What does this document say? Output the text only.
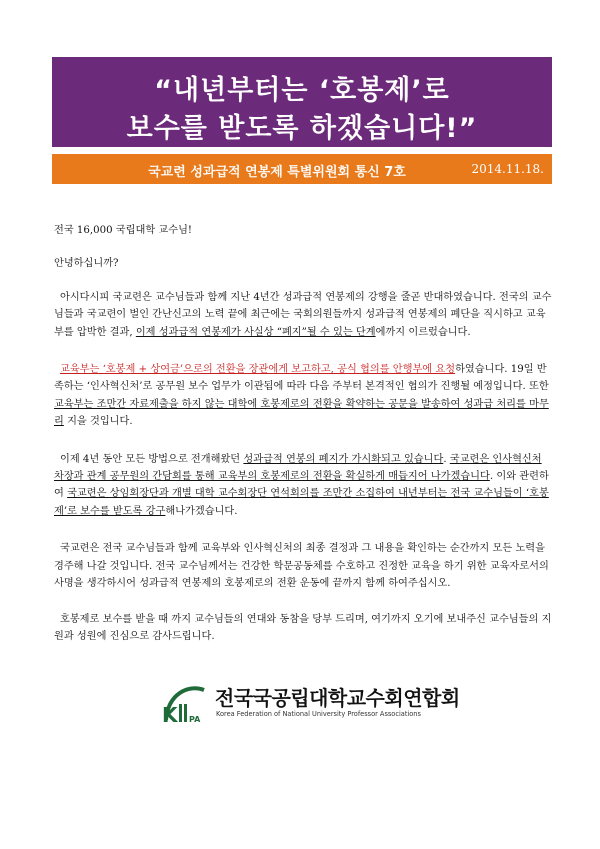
“내년부터는 ‘호봉제’로
보수를 받도록 하겠습니다!”
국교련 성과급적 연봉제 특별위원회 통신 7호	2014.11.18.

전국 16,000 국립대학 교수님!

안녕하십니까?

아시다시피 국교련은 교수님들과 함께 지난 4년간 성과급적 연봉제의 강행을 줄곧 반대하였습니다. 전국의 교수님들과 국교련이 벌인 간난신고의 노력 끝에 최근에는 국회의원들까지 성과급적 연봉제의 폐단을 직시하고 교육부를 압박한 결과, 이제 성과급적 연봉제가 사실상 “폐지”될 수 있는 단계에까지 이르렀습니다.

교육부는 ‘호봉제 + 상여금’으로의 전환을 장관에게 보고하고, 공식 협의를 안행부에 요청하였습니다. 19일 반족하는 ‘인사혁신처’로 공무원 보수 업무가 이관됨에 따라 다음 주부터 본격적인 협의가 진행될 예정입니다. 또한 교육부는 조만간 자료제출을 하지 않는 대학에 호봉제로의 전환을 확약하는 공문을 발송하여 성과급 처리를 마무리 지을 것입니다.

이제 4년 동안 모든 방법으로 전개해왔던 성과급적 연봉의 폐지가 가시화되고 있습니다. 국교련은 인사혁신처 차장과 관계 공무원의 간담회를 통해 교육부의 호봉제로의 전환을 확실하게 매듭지어 나가겠습니다. 이와 관련하여 국교련은 상임회장단과 개별 대학 교수회장단 연석회의를 조만간 소집하여 내년부터는 전국 교수님들이 ‘호봉제’로 보수를 받도록 강구해나가겠습니다.

국교련은 전국 교수님들과 함께 교육부와 인사혁신처의 최종 결정과 그 내용을 확인하는 순간까지 모든 노력을 경주해 나갈 것입니다. 전국 교수님께서는 건강한 학문공동체를 수호하고 진정한 교육을 하기 위한 교육자로서의 사명을 생각하시어 성과급적 연봉제의 호봉제로의 전환 운동에 끝까지 함께 하여주십시오.

호봉제로 보수를 받을 때 까지 교수님들의 연대와 동참을 당부 드리며, 여기까지 오기에 보내주신 교수님들의 지원과 성원에 진심으로 감사드립니다.

K PA
전국국공립대학교수회연합회
Korea Federation of National University Professor Associations
